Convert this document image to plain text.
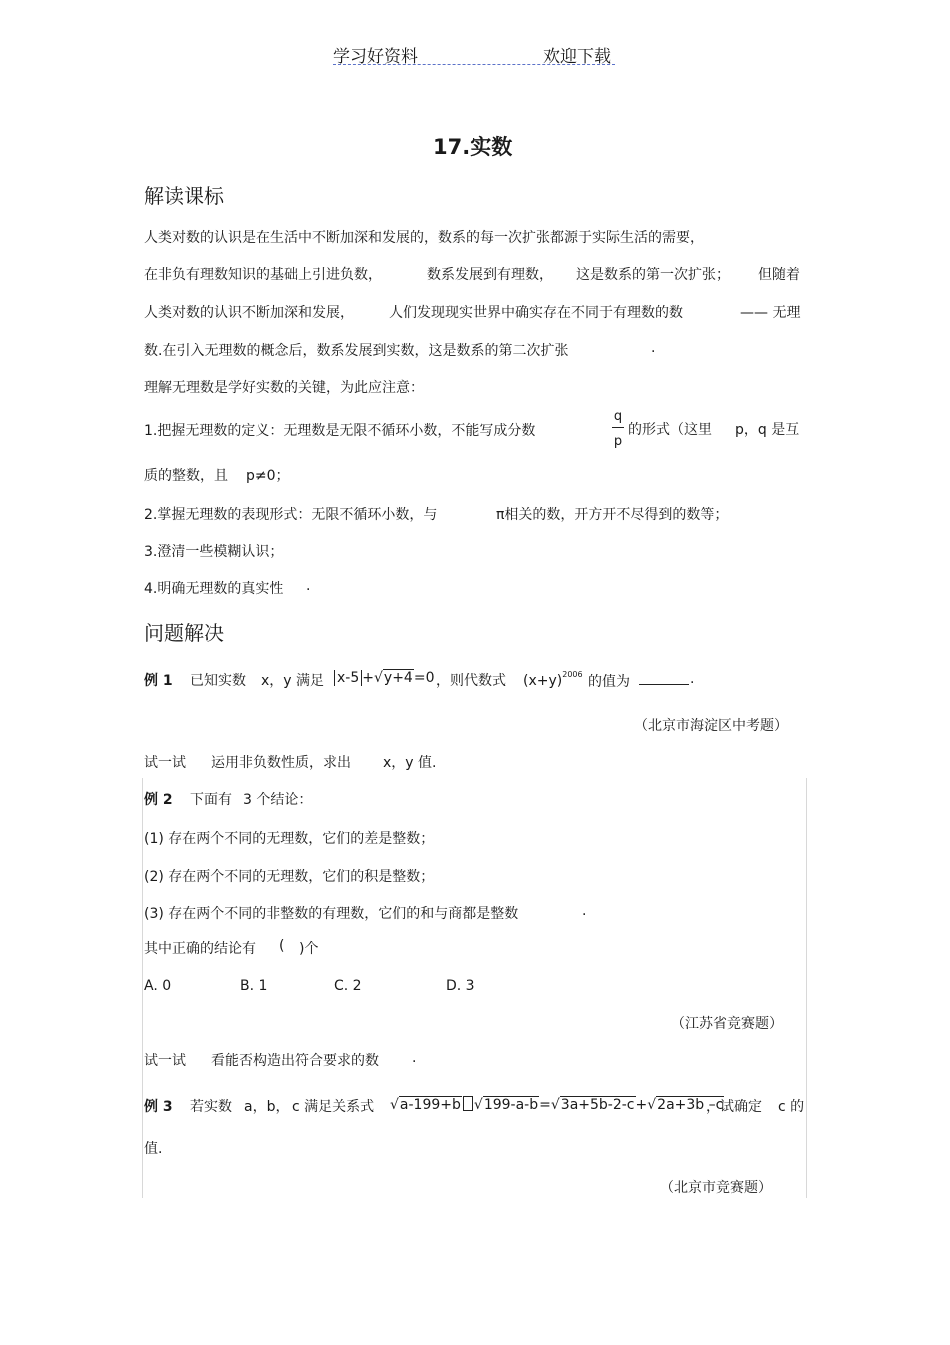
学习好资料	欢迎下载
17.实数
解读课标
人类对数的认识是在生活中不断加深和发展的，数系的每一次扩张都源于实际生活的需要，
在非负有理数知识的基础上引进负数，	数系发展到有理数， 这是数系的第一次扩张； 但随着
人类对数的认识不断加深和发展，	人们发现现实世界中确实存在不同于有理数的数	—— 无理
数.在引入无理数的概念后，数系发展到实数，这是数系的第二次扩张	.
理解无理数是学好实数的关键，为此应注意：
1.把握无理数的定义：无理数是无限不循环小数，不能写成分数
q
p
的形式（这里 p，q 是互
质的整数，且 p≠0；
2.掌握无理数的表现形式：无限不循环小数，与	π相关的数，开方开不尽得到的数等；
3.澄清一些模糊认识；
4.明确无理数的真实性 .
问题解决
例 1 已知实数 x，y 满足 x-5 +√y+4=0 ，则代数式 $(x+y)^{2006}$ 的值为	.
（北京市海淀区中考题）
试一试 运用非负数性质，求出 x，y 值.
例 2 下面有 3 个结论：
(1) 存在两个不同的无理数，它们的差是整数；
(2) 存在两个不同的无理数，它们的积是整数；
(3) 存在两个不同的非整数的有理数，它们的和与商都是整数	.
其中正确的结论有 ( )个
A. 0	B. 1	C. 2	D. 3
（江苏省竞赛题）
试一试 看能否构造出符合要求的数 .
例 3 若实数 a，b， c 满足关系式 √a-199+b √199-a-b=√3a+5b-2-c+√2a+3b –c
，试确定 c 的
值.
（北京市竞赛题）
